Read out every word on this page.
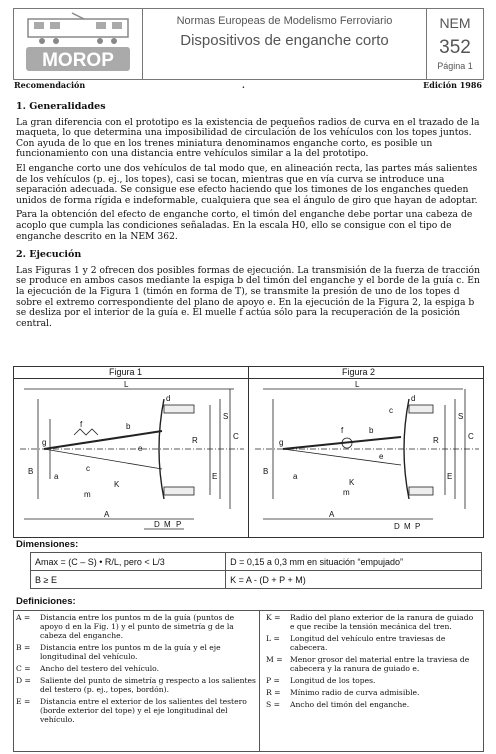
MOROP
Normas Europeas de Modelismo Ferroviario
Dispositivos de enganche corto
NEM
352
Página 1
Recomendación	.	Edición 1986
1. Generalidades

La gran diferencia con el prototipo es la existencia de pequeños radios de curva en el trazado de la maqueta, lo que determina una imposibilidad de circulación de los vehículos con los topes juntos. Con ayuda de lo que en los trenes miniatura denominamos enganche corto, es posible un funcionamiento con una distancia entre vehículos similar a la del prototipo.

El enganche corto une dos vehículos de tal modo que, en alineación recta, las partes más salientes de los vehículos (p. ej., los topes), casi se tocan, mientras que en vía curva se introduce una separación adecuada. Se consigue ese efecto haciendo que los timones de los enganches queden unidos de forma rígida e indeformable, cualquiera que sea el ángulo de giro que hayan de adoptar.

Para la obtención del efecto de enganche corto, el timón del enganche debe portar una cabeza de acoplo que cumpla las condiciones señaladas. En la escala H0, ello se consigue con el tipo de enganche descrito en la NEM 362.

2. Ejecución

Las Figuras 1 y 2 ofrecen dos posibles formas de ejecución. La transmisión de la fuerza de tracción se produce en ambos casos mediante la espiga b del timón del enganche y el borde de la guía c. En la ejecución de la Figura 1 (timón en forma de T), se transmite la presión de uno de los topes d sobre el extremo correspondiente del plano de apoyo e. En la ejecución de la Figura 2, la espiga b se desliza por el interior de la guía e. El muelle f actúa sólo para la recuperación de la posición central.

Figura 1	Figura 2
L
A
B
C
D
E
K
M P
R
S
a
b
c
d
e
f
g
m
L
A
B
C
D
E
K
M P
R
S
a
b
c
d
e
f
g
m
Dimensiones:
Amax = (C – S) • R/L, pero < L/3	D = 0,15 a 0,3 mm en situación “empujado”
B ≥ E	K = A - (D + P + M)
Definiciones:
A =	Distancia entre los puntos m de la guía (puntos de apoyo d en la Fig. 1) y el punto de simetría g de la cabeza del enganche.
B =	Distancia entre los puntos m de la guía y el eje longitudinal del vehículo.
C =	Ancho del testero del vehículo.
D =	Saliente del punto de simetría g respecto a los salientes del testero (p. ej., topes, bordón).
E =	Distancia entre el exterior de los salientes del testero (borde exterior del tope) y el eje longitudinal del vehículo.
K =	Radio del plano exterior de la ranura de guiado e que recibe la tensión mecánica del tren.
L =	Longitud del vehículo entre traviesas de cabecera.
M = Menor grosor del material entre la traviesa de cabecera y la ranura de guiado e.
P =	Longitud de los topes.
R =	Mínimo radio de curva admisible.
S =	Ancho del timón del enganche.
